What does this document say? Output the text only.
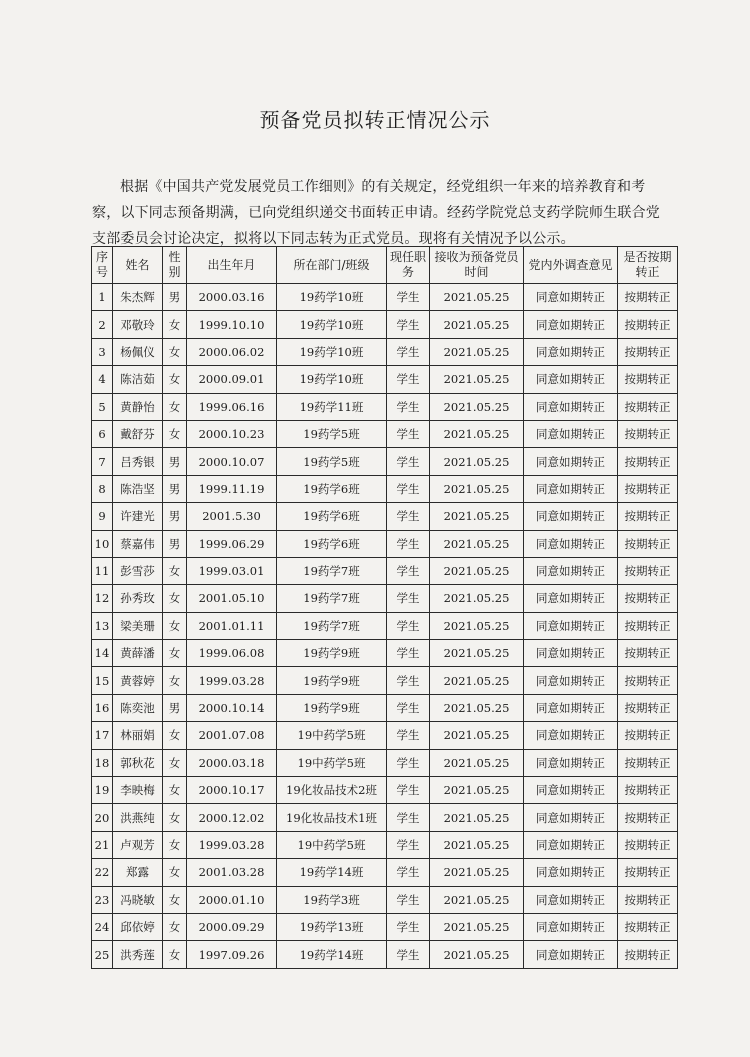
预备党员拟转正情况公示

根据《中国共产党发展党员工作细则》的有关规定，经党组织一年来的培养教育和考察，以下同志预备期满，已向党组织递交书面转正申请。经药学院党总支药学院师生联合党支部委员会讨论决定，拟将以下同志转为正式党员。现将有关情况予以公示。

序号	姓名	性别	出生年月	所在部门/班级	现任职务	接收为预备党员时间	党内外调查意见	是否按期转正
1	朱杰辉	男	2000.03.16	19药学10班	学生	2021.05.25	同意如期转正	按期转正
2	邓敬玲	女	1999.10.10	19药学10班	学生	2021.05.25	同意如期转正	按期转正
3	杨佩仪	女	2000.06.02	19药学10班	学生	2021.05.25	同意如期转正	按期转正
4	陈洁茹	女	2000.09.01	19药学10班	学生	2021.05.25	同意如期转正	按期转正
5	黄静怡	女	1999.06.16	19药学11班	学生	2021.05.25	同意如期转正	按期转正
6	戴舒芬	女	2000.10.23	19药学5班	学生	2021.05.25	同意如期转正	按期转正
7	吕秀银	男	2000.10.07	19药学5班	学生	2021.05.25	同意如期转正	按期转正
8	陈浩坚	男	1999.11.19	19药学6班	学生	2021.05.25	同意如期转正	按期转正
9	许建光	男	2001.5.30	19药学6班	学生	2021.05.25	同意如期转正	按期转正
10	蔡嘉伟	男	1999.06.29	19药学6班	学生	2021.05.25	同意如期转正	按期转正
11	彭雪莎	女	1999.03.01	19药学7班	学生	2021.05.25	同意如期转正	按期转正
12	孙秀玫	女	2001.05.10	19药学7班	学生	2021.05.25	同意如期转正	按期转正
13	梁美珊	女	2001.01.11	19药学7班	学生	2021.05.25	同意如期转正	按期转正
14	黄薛潘	女	1999.06.08	19药学9班	学生	2021.05.25	同意如期转正	按期转正
15	黄蓉婷	女	1999.03.28	19药学9班	学生	2021.05.25	同意如期转正	按期转正
16	陈奕池	男	2000.10.14	19药学9班	学生	2021.05.25	同意如期转正	按期转正
17	林丽娟	女	2001.07.08	19中药学5班	学生	2021.05.25	同意如期转正	按期转正
18	郭秋花	女	2000.03.18	19中药学5班	学生	2021.05.25	同意如期转正	按期转正
19	李映梅	女	2000.10.17	19化妆品技术2班	学生	2021.05.25	同意如期转正	按期转正
20	洪燕纯	女	2000.12.02	19化妆品技术1班	学生	2021.05.25	同意如期转正	按期转正
21	卢观芳	女	1999.03.28	19中药学5班	学生	2021.05.25	同意如期转正	按期转正
22	郑露	女	2001.03.28	19药学14班	学生	2021.05.25	同意如期转正	按期转正
23	冯晓敏	女	2000.01.10	19药学3班	学生	2021.05.25	同意如期转正	按期转正
24	邱依婷	女	2000.09.29	19药学13班	学生	2021.05.25	同意如期转正	按期转正
25	洪秀莲	女	1997.09.26	19药学14班	学生	2021.05.25	同意如期转正	按期转正
